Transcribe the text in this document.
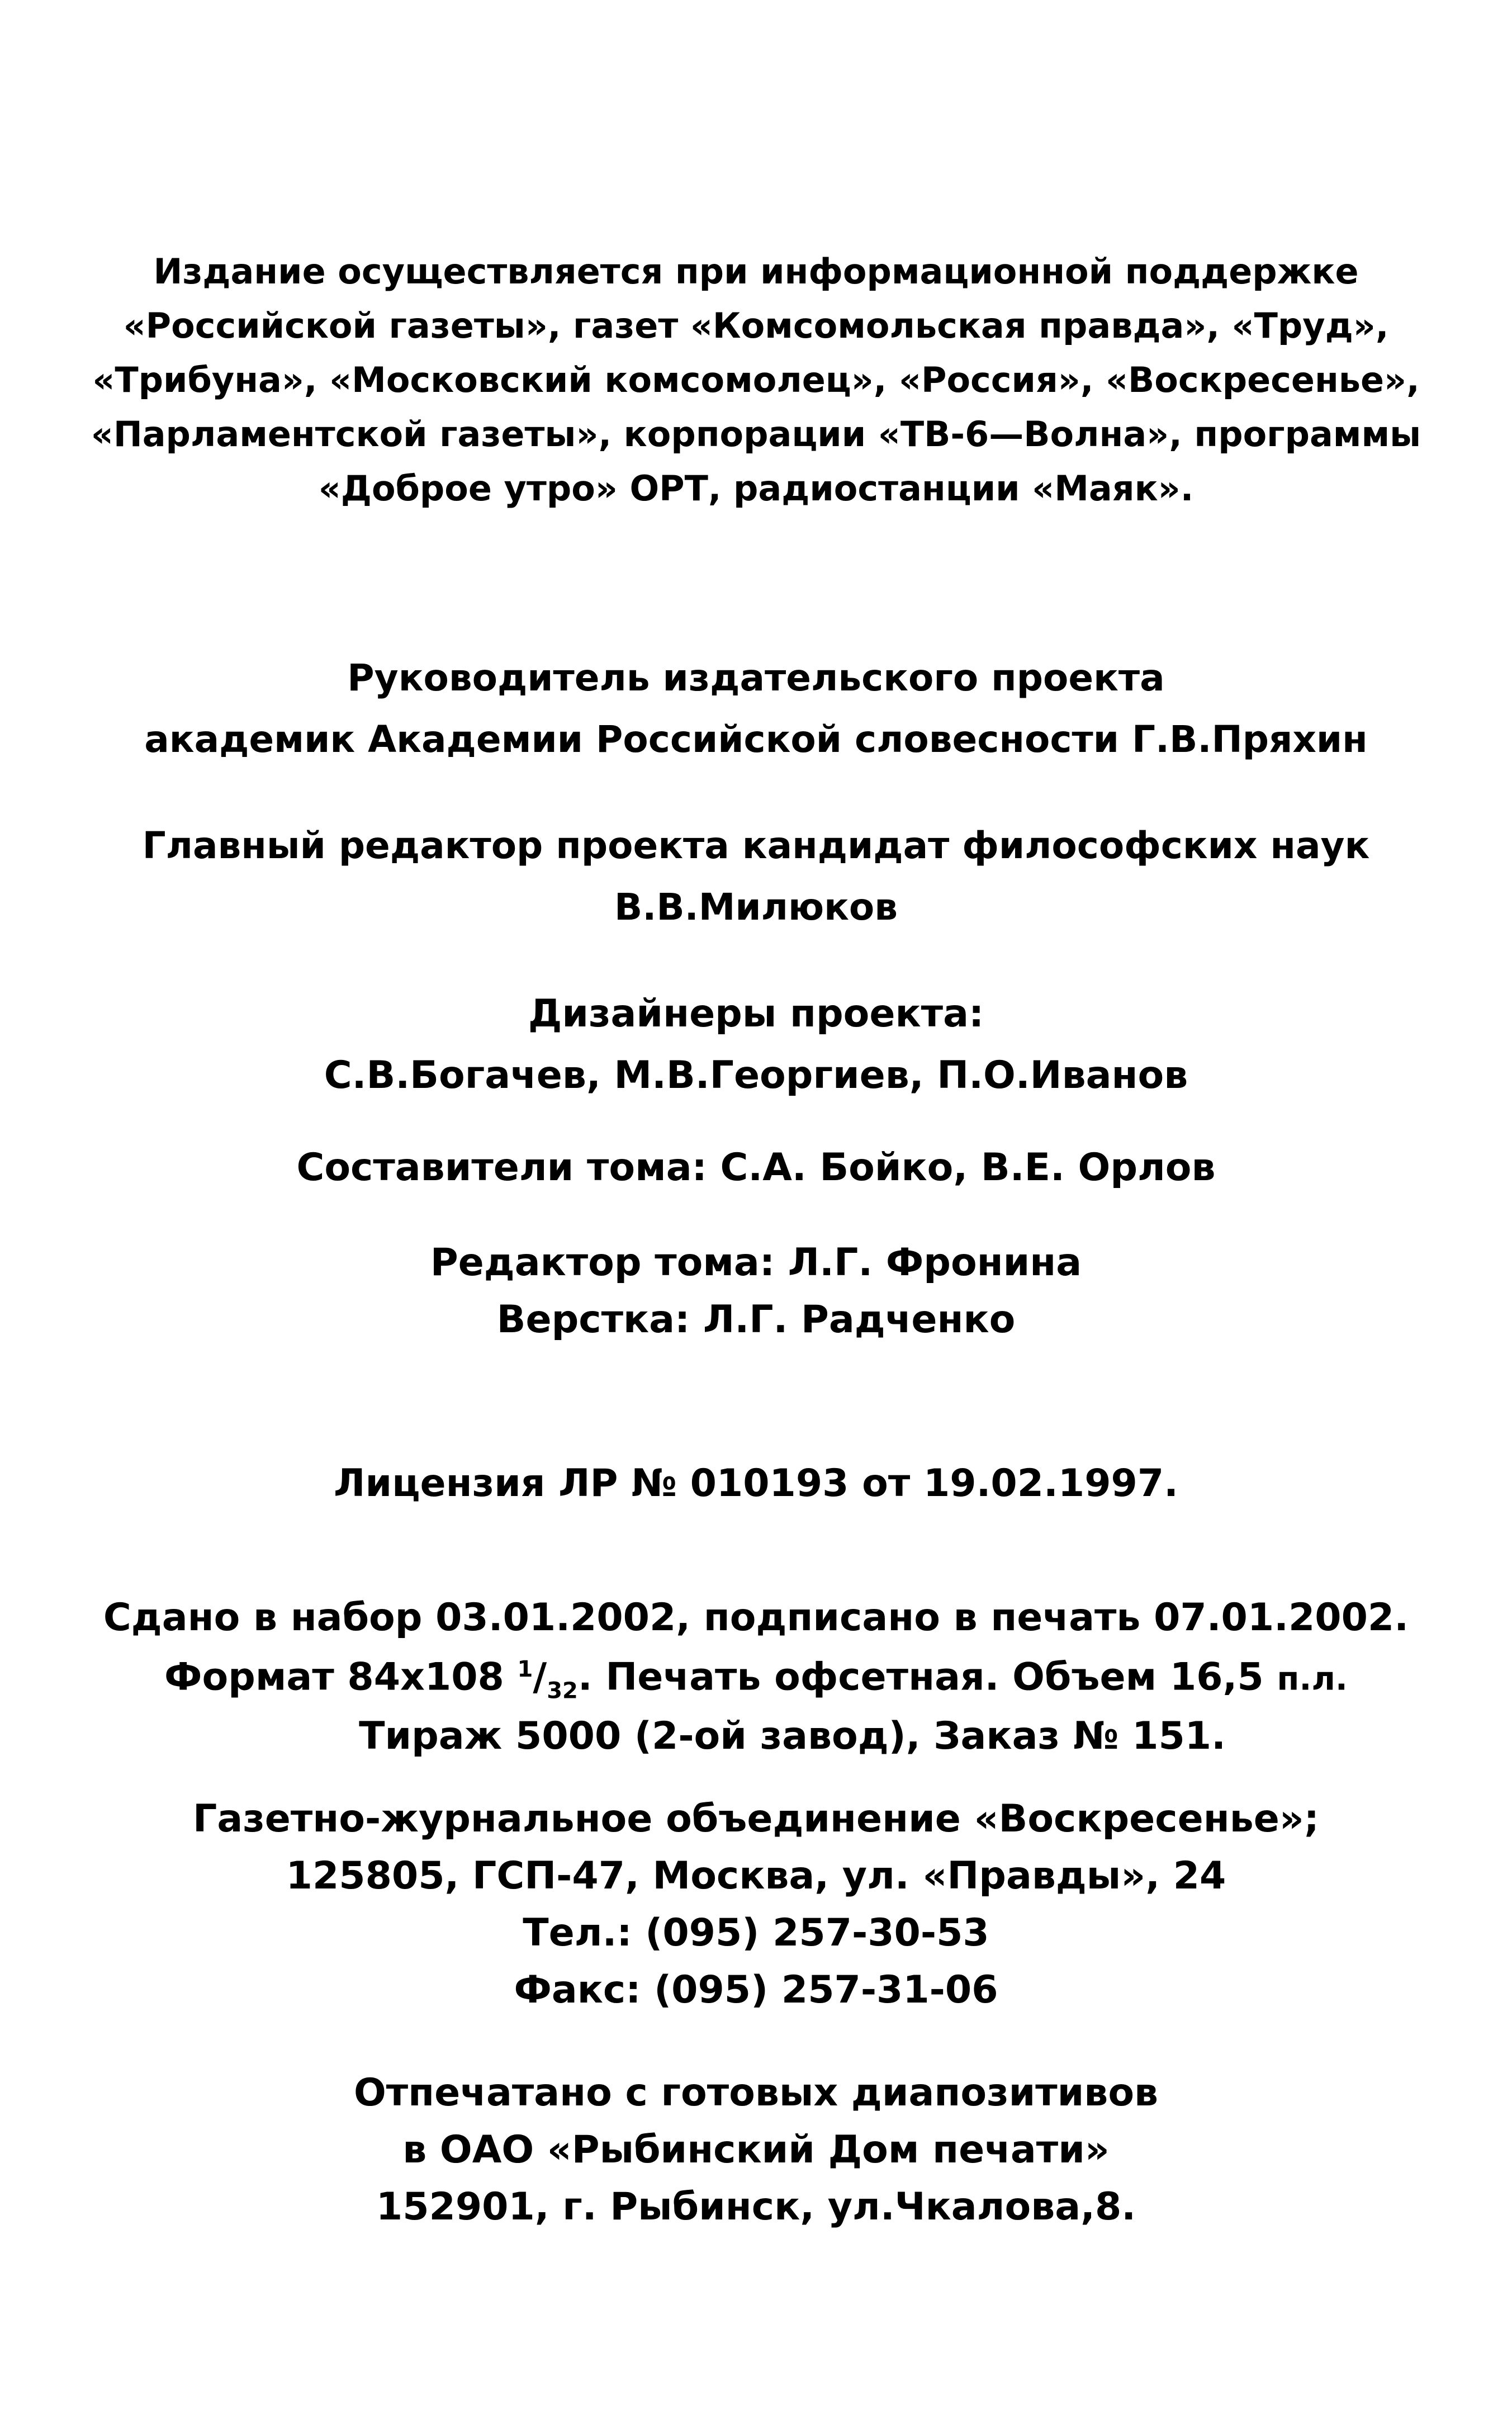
Издание осуществляется при информационной поддержке
«Российской газеты», газет «Комсомольская правда», «Труд»,
«Трибуна», «Московский комсомолец», «Россия», «Воскресенье»,
«Парламентской газеты», корпорации «ТВ-6—Волна», программы
«Доброе утро» ОРТ, радиостанции «Маяк».
Руководитель издательского проекта
академик Академии Российской словесности Г.В.Пряхин
Главный редактор проекта кандидат философских наук
В.В.Милюков
Дизайнеры проекта:
С.В.Богачев, М.В.Георгиев, П.О.Иванов
Составители тома: С.А. Бойко, В.Е. Орлов
Редактор тома: Л.Г. Фронина
Верстка: Л.Г. Радченко
Лицензия ЛР № 010193 от 19.02.1997.
Сдано в набор 03.01.2002, подписано в печать 07.01.2002.
Формат 84х108 $^1/_{32}$. Печать офсетная. Объем 16,5 п.л.
Тираж 5000 (2-ой завод), Заказ № 151.
Газетно-журнальное объединение «Воскресенье»;
125805, ГСП-47, Москва, ул. «Правды», 24
Тел.: (095) 257-30-53
Факс: (095) 257-31-06
Отпечатано с готовых диапозитивов
в ОАО «Рыбинский Дом печати»
152901, г. Рыбинск, ул.Чкалова,8.
